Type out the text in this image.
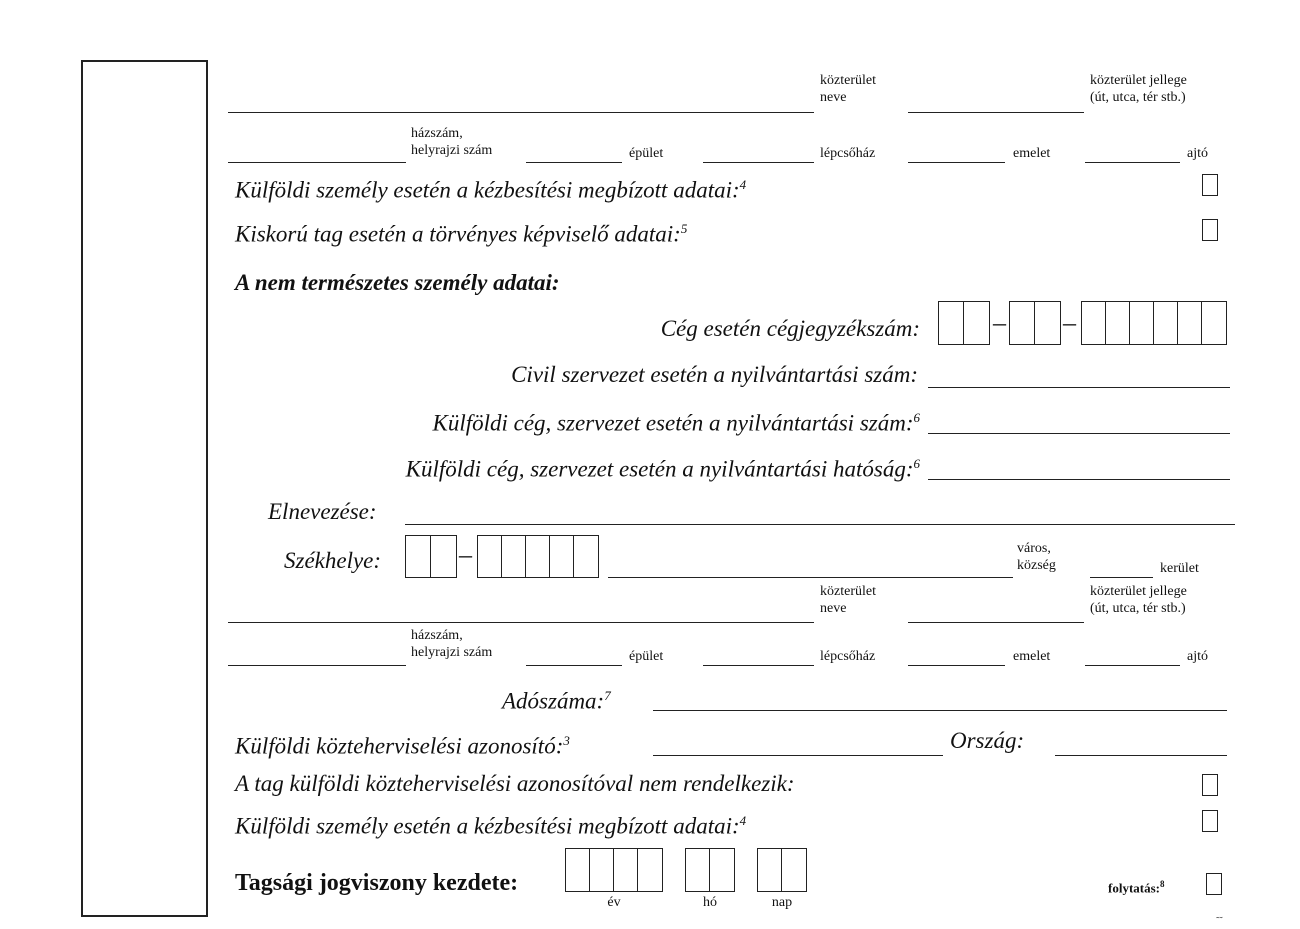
közterület
neve
közterület jellege
(út, utca, tér stb.)
házszám,
helyrajzi szám	épület	lépcsőház	emelet	ajtó
Külföldi személy esetén a kézbesítési megbízott adatai:$^4$
Kiskorú tag esetén a törvényes képviselő adatai:$^5$
A nem természetes személy adatai:
Cég esetén cégjegyzékszám:	– –
Civil szervezet esetén a nyilvántartási szám:
Külföldi cég, szervezet esetén a nyilvántartási szám:$^6$
Külföldi cég, szervezet esetén a nyilvántartási hatóság:$^6$
Elnevezése:
Székhelye:	–	város,
község	kerület
közterület
neve
közterület jellege
(út, utca, tér stb.)
házszám,
helyrajzi szám	épület	lépcsőház	emelet	ajtó
Adószáma:$^7$
Külföldi közteherviselési azonosító:$^3$	Ország:
A tag külföldi közteherviselési azonosítóval nem rendelkezik:
Külföldi személy esetén a kézbesítési megbízott adatai:$^4$
Tagsági jogviszony kezdete:
év	hó	nap
folytatás:$^8$
˜˜
